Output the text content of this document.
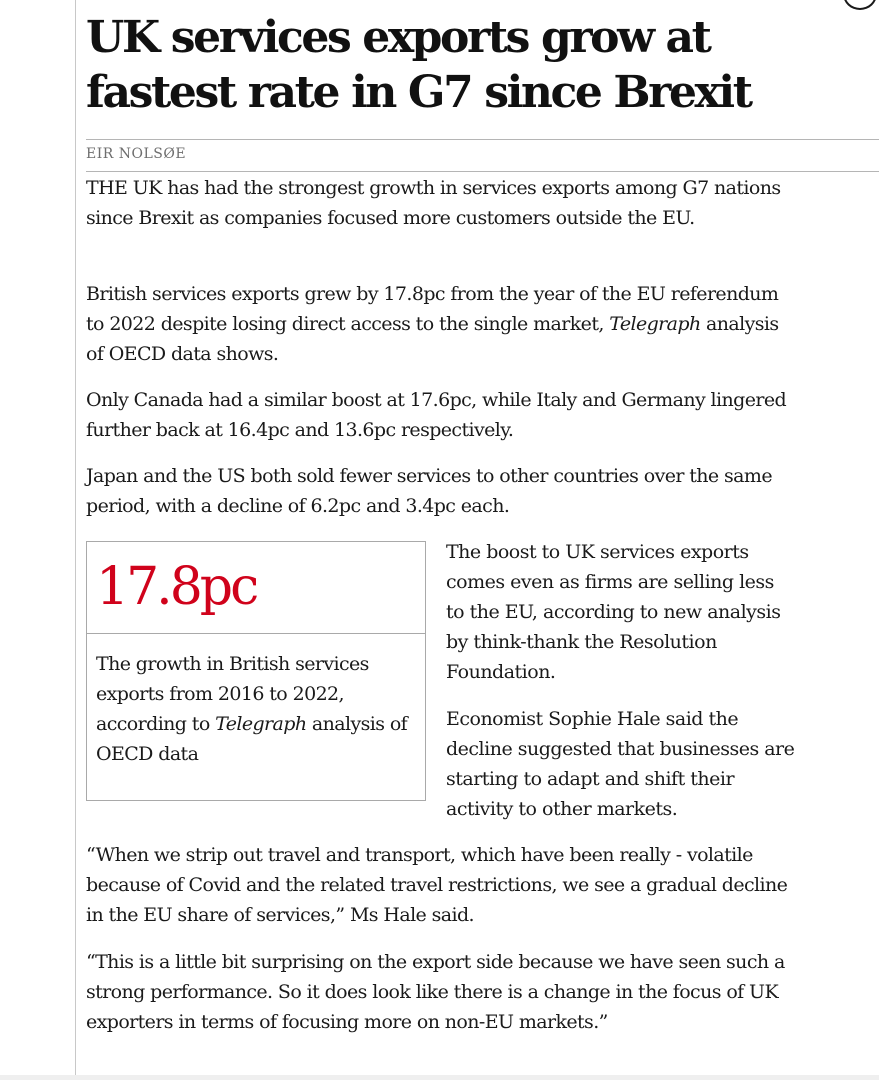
UK services exports grow at fastest rate in G7 since Brexit
EIR NOLSØE

THE UK has had the strongest growth in services exports among G7 nations since Brexit as companies focused more customers outside the EU.

British services exports grew by 17.8pc from the year of the EU referendum to 2022 despite losing direct access to the single market, Telegraph analysis of OECD data shows.

Only Canada had a similar boost at 17.6pc, while Italy and Germany lingered further back at 16.4pc and 13.6pc respectively.

Japan and the US both sold fewer services to other countries over the same period, with a decline of 6.2pc and 3.4pc each.

17.8pc

The growth in British services exports from 2016 to 2022, according to Telegraph analysis of OECD data

The boost to UK services exports comes even as firms are selling less to the EU, according to new analysis by think-thank the Resolution Foundation.

Economist Sophie Hale said the decline suggested that businesses are starting to adapt and shift their activity to other markets.

“When we strip out travel and transport, which have been really - volatile because of Covid and the related travel restrictions, we see a gradual decline in the EU share of services,” Ms Hale said.

“This is a little bit surprising on the export side because we have seen such a strong performance. So it does look like there is a change in the focus of UK exporters in terms of focusing more on non-EU markets.”
